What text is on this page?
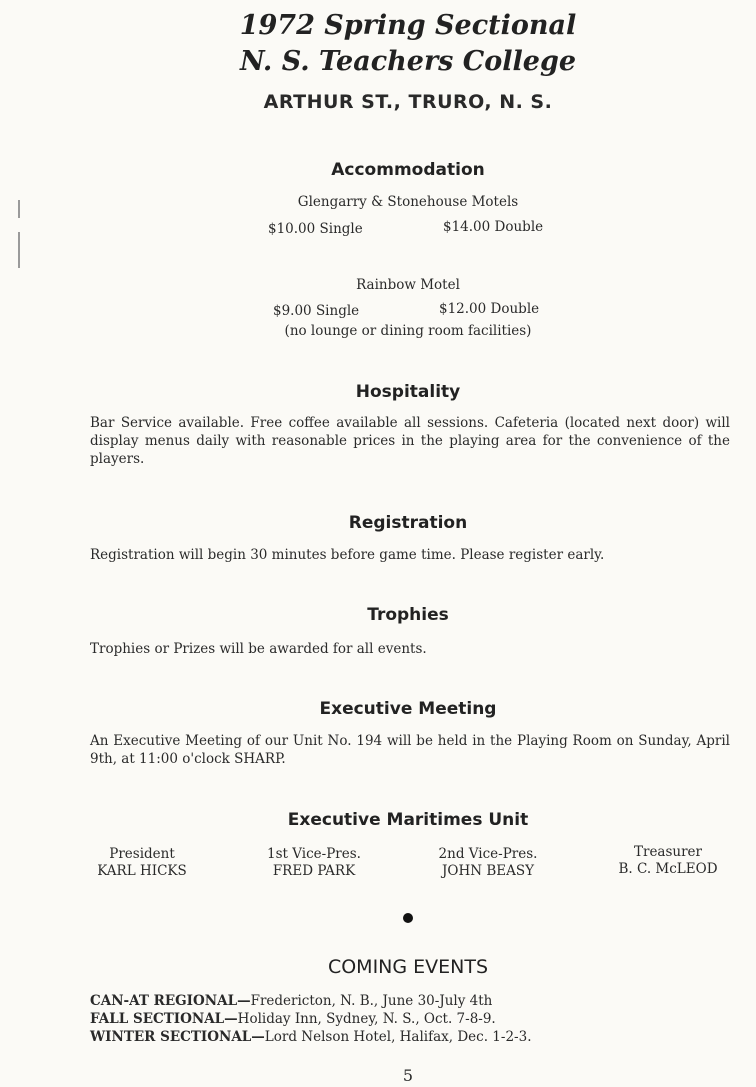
1972 Spring Sectional
N. S. Teachers College
ARTHUR ST., TRURO, N. S.
Accommodation
Glengarry & Stonehouse Motels
$10.00 Single	$14.00 Double
Rainbow Motel
$9.00 Single	$12.00 Double
(no lounge or dining room facilities)
Hospitality
Bar Service available. Free coffee available all sessions. Cafeteria (located next door) will display menus daily with reasonable prices in the playing area for the convenience of the players.
Registration
Registration will begin 30 minutes before game time. Please register early.
Trophies
Trophies or Prizes will be awarded for all events.
Executive Meeting
An Executive Meeting of our Unit No. 194 will be held in the Playing Room on Sunday, April 9th, at 11:00 o'clock SHARP.
Executive Maritimes Unit
President
KARL HICKS
1st Vice-Pres.
FRED PARK
2nd Vice-Pres.
JOHN BEASY
Treasurer
B. C. McLEOD
COMING EVENTS
CAN-AT REGIONAL—Fredericton, N. B., June 30-July 4th
FALL SECTIONAL—Holiday Inn, Sydney, N. S., Oct. 7-8-9.
WINTER SECTIONAL—Lord Nelson Hotel, Halifax, Dec. 1-2-3.
5
